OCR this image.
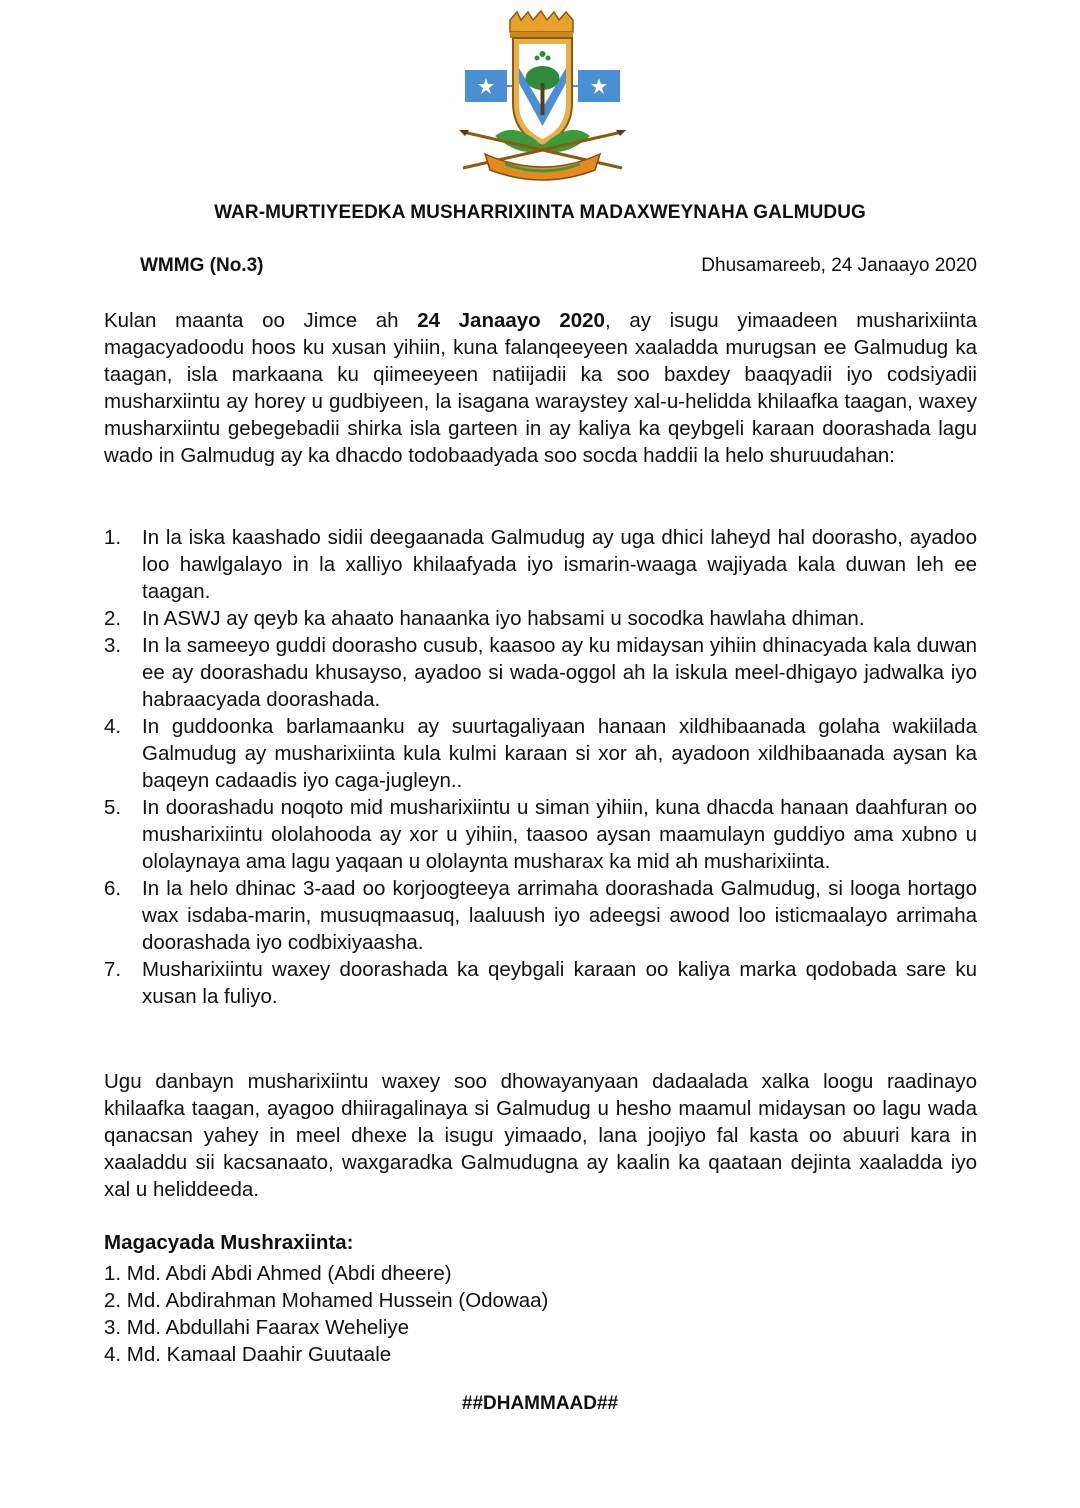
WAR-MURTIYEEDKA MUSHARRIXIINTA MADAXWEYNAHA GALMUDUG
WMMG (No.3)	Dhusamareeb, 24 Janaayo 2020
Kulan maanta oo Jimce ah 24 Janaayo 2020, ay isugu yimaadeen musharixiinta magacyadoodu hoos ku xusan yihiin, kuna falanqeeyeen xaaladda murugsan ee Galmudug ka taagan, isla markaana ku qiimeeyeen natiijadii ka soo baxdey baaqyadii iyo codsiyadii musharxiintu ay horey u gudbiyeen, la isagana waraystey xal-u-helidda khilaafka taagan, waxey musharxiintu gebegebadii shirka isla garteen in ay kaliya ka qeybgeli karaan doorashada lagu wado in Galmudug ay ka dhacdo todobaadyada soo socda haddii la helo shuruudahan:
1. In la iska kaashado sidii deegaanada Galmudug ay uga dhici laheyd hal doorasho, ayadoo loo hawlgalayo in la xalliyo khilaafyada iyo ismarin-waaga wajiyada kala duwan leh ee taagan.
2. In ASWJ ay qeyb ka ahaato hanaanka iyo habsami u socodka hawlaha dhiman.
3. In la sameeyo guddi doorasho cusub, kaasoo ay ku midaysan yihiin dhinacyada kala duwan ee ay doorashadu khusayso, ayadoo si wada-oggol ah la iskula meel-dhigayo jadwalka iyo habraacyada doorashada.
4. In guddoonka barlamaanku ay suurtagaliyaan hanaan xildhibaanada golaha wakiilada Galmudug ay musharixiinta kula kulmi karaan si xor ah, ayadoon xildhibaanada aysan ka baqeyn cadaadis iyo caga-jugleyn..
5. In doorashadu noqoto mid musharixiintu u siman yihiin, kuna dhacda hanaan daahfuran oo musharixiintu ololahooda ay xor u yihiin, taasoo aysan maamulayn guddiyo ama xubno u ololaynaya ama lagu yaqaan u ololaynta musharax ka mid ah musharixiinta.
6. In la helo dhinac 3-aad oo korjoogteeya arrimaha doorashada Galmudug, si looga hortago wax isdaba-marin, musuqmaasuq, laaluush iyo adeegsi awood loo isticmaalayo arrimaha doorashada iyo codbixiyaasha.
7. Musharixiintu waxey doorashada ka qeybgali karaan oo kaliya marka qodobada sare ku xusan la fuliyo.
Ugu danbayn musharixiintu waxey soo dhowayanyaan dadaalada xalka loogu raadinayo khilaafka taagan, ayagoo dhiiragalinaya si Galmudug u hesho maamul midaysan oo lagu wada qanacsan yahey in meel dhexe la isugu yimaado, lana joojiyo fal kasta oo abuuri kara in xaaladdu sii kacsanaato, waxgaradka Galmudugna ay kaalin ka qaataan dejinta xaaladda iyo xal u heliddeeda.
Magacyada Mushraxiinta:
1. Md. Abdi Abdi Ahmed (Abdi dheere)
2. Md. Abdirahman Mohamed Hussein (Odowaa)
3. Md. Abdullahi Faarax Weheliye
4. Md. Kamaal Daahir Guutaale
##DHAMMAAD##
